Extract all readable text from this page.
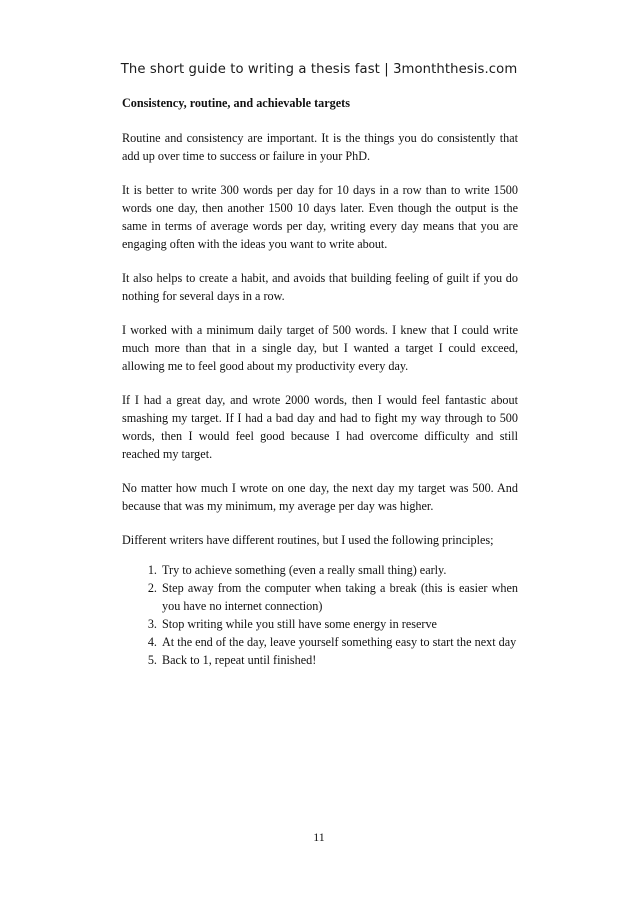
The short guide to writing a thesis fast | 3monththesis.com
Consistency, routine, and achievable targets

Routine and consistency are important. It is the things you do consistently that add up over time to success or failure in your PhD.

It is better to write 300 words per day for 10 days in a row than to write 1500 words one day, then another 1500 10 days later. Even though the output is the same in terms of average words per day, writing every day means that you are engaging often with the ideas you want to write about.

It also helps to create a habit, and avoids that building feeling of guilt if you do nothing for several days in a row.

I worked with a minimum daily target of 500 words. I knew that I could write much more than that in a single day, but I wanted a target I could exceed, allowing me to feel good about my productivity every day.

If I had a great day, and wrote 2000 words, then I would feel fantastic about smashing my target. If I had a bad day and had to fight my way through to 500 words, then I would feel good because I had overcome difficulty and still reached my target.

No matter how much I wrote on one day, the next day my target was 500. And because that was my minimum, my average per day was higher.

Different writers have different routines, but I used the following principles;

1. Try to achieve something (even a really small thing) early.
2. Step away from the computer when taking a break (this is easier when you have no internet connection)
3. Stop writing while you still have some energy in reserve
4. At the end of the day, leave yourself something easy to start the next day
5. Back to 1, repeat until finished!
11
